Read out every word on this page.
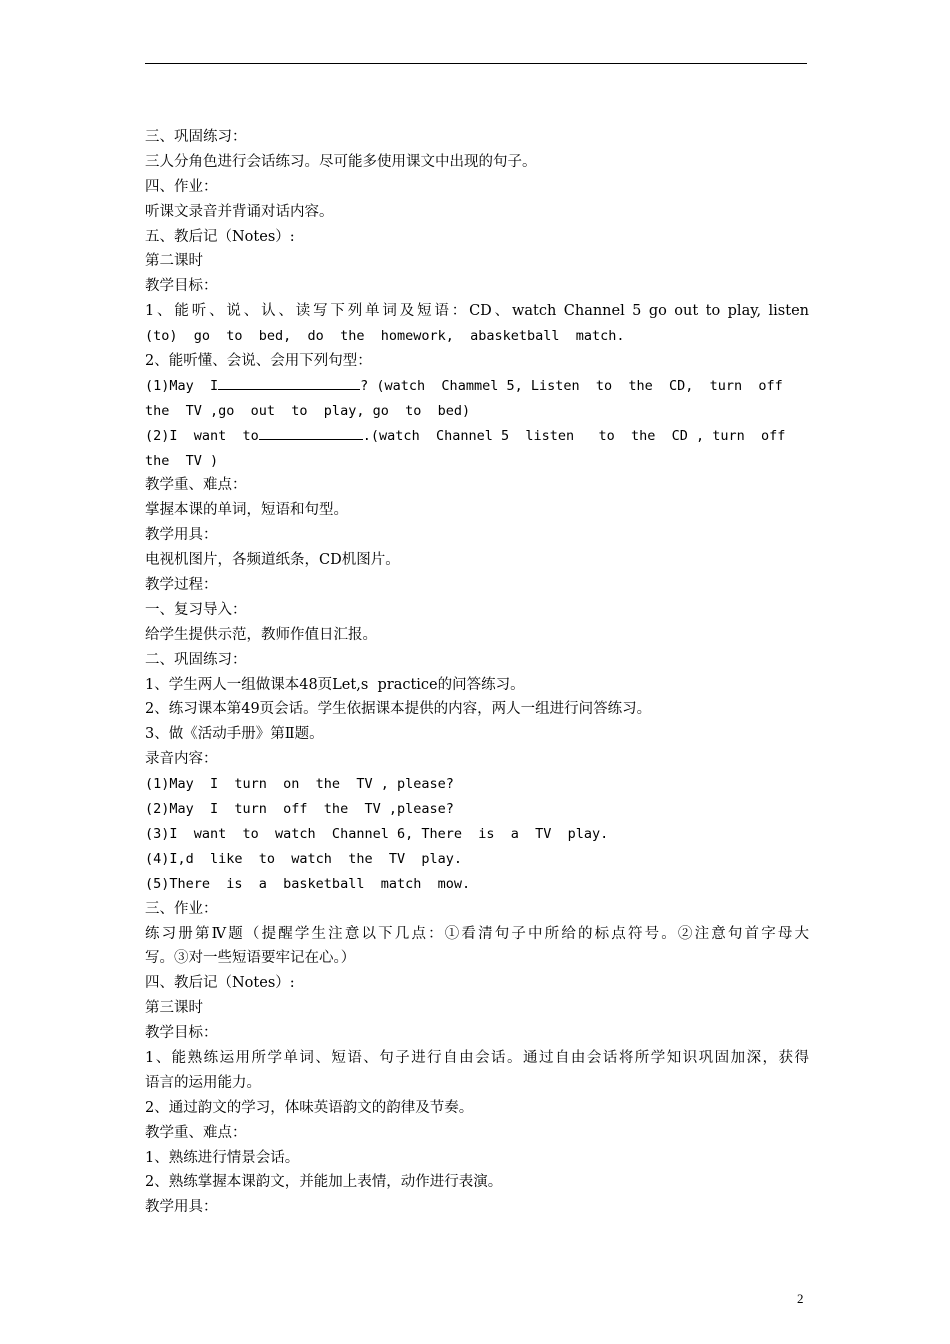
三、巩固练习：
三人分角色进行会话练习。尽可能多使用课文中出现的句子。
四、作业：
听课文录音并背诵对话内容。
五、教后记（Notes）:
第二课时
教学目标：
1、能听、说、认、读写下列单词及短语：CD、watch Channel 5 go out to play, listen
(to)  go  to  bed,  do  the  homework,  abasketball  match.
2、能听懂、会说、会用下列句型：
(1)May  I	? (watch  Chammel 5, Listen  to  the  CD,  turn  off
the  TV ,go  out  to  play, go  to  bed)
(2)I  want  to	.(watch  Channel 5  listen   to  the  CD , turn  off
the  TV )
教学重、难点：
掌握本课的单词，短语和句型。
教学用具：
电视机图片，各频道纸条，CD机图片。
教学过程：
一、复习导入：
给学生提供示范，教师作值日汇报。
二、巩固练习：
1、学生两人一组做课本48页Let,s  practice的问答练习。
2、练习课本第49页会话。学生依据课本提供的内容，两人一组进行问答练习。
3、做《活动手册》第Ⅱ题。
录音内容：
(1)May  I  turn  on  the  TV , please?
(2)May  I  turn  off  the  TV ,please?
(3)I  want  to  watch  Channel 6, There  is  a  TV  play.
(4)I,d  like  to  watch  the  TV  play.
(5)There  is  a  basketball  match  mow.
三、作业：
练习册第Ⅳ题（提醒学生注意以下几点：①看清句子中所给的标点符号。②注意句首字母大
写。③对一些短语要牢记在心。）
四、教后记（Notes）:
第三课时
教学目标：
1、能熟练运用所学单词、短语、句子进行自由会话。通过自由会话将所学知识巩固加深，获得
语言的运用能力。
2、通过韵文的学习，体味英语韵文的韵律及节奏。
教学重、难点：
1、熟练进行情景会话。
2、熟练掌握本课韵文，并能加上表情，动作进行表演。
教学用具：
2
